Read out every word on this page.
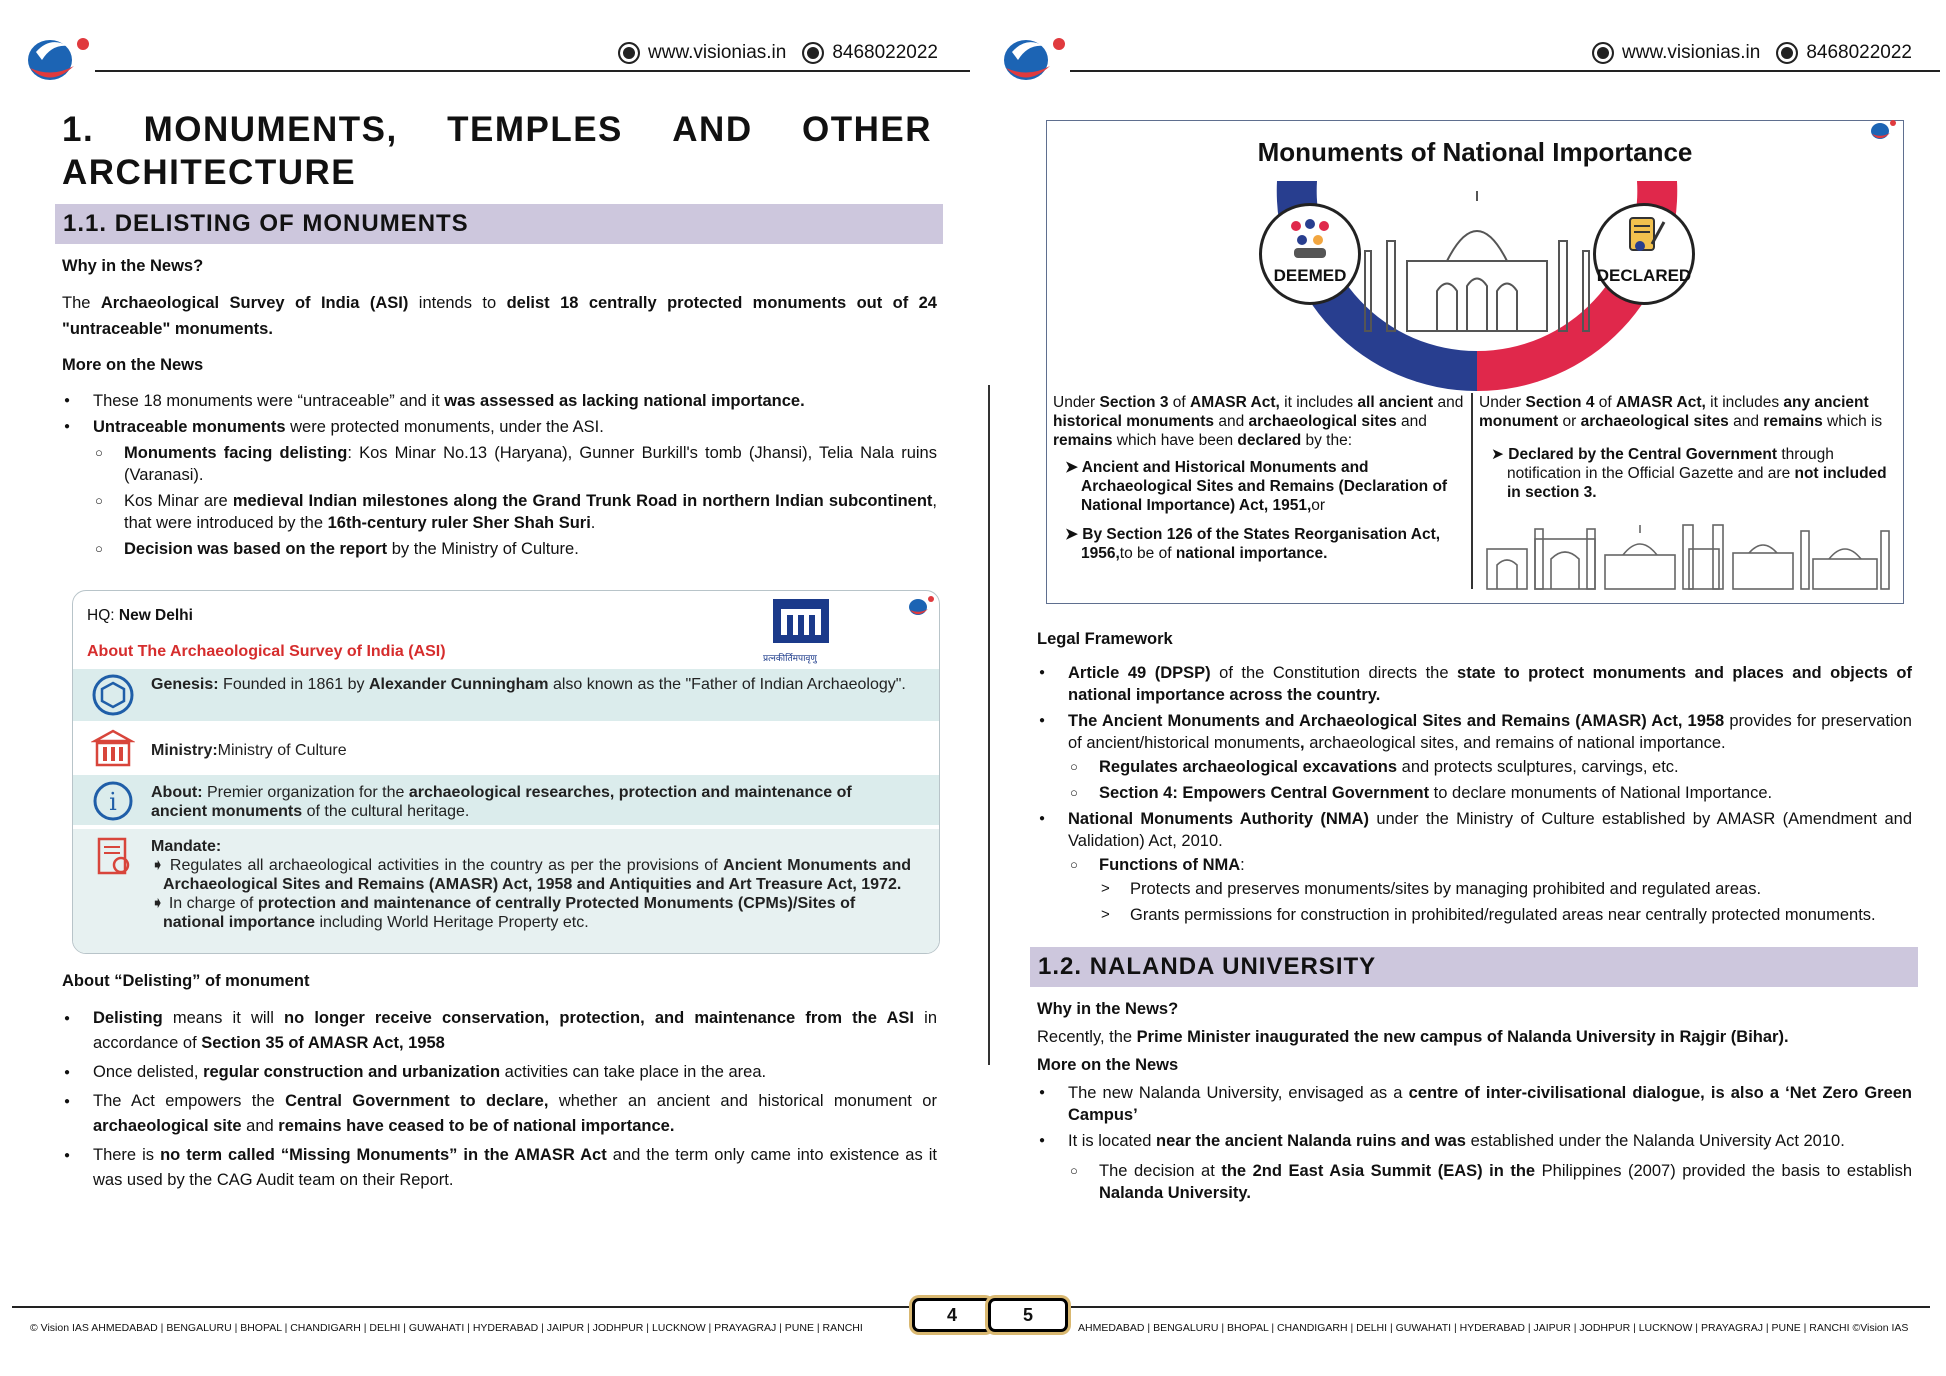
www.visionias.in 8468022022
1. MONUMENTS, TEMPLES AND OTHER
ARCHITECTURE
1.1. DELISTING OF MONUMENTS
Why in the News?
The Archaeological Survey of India (ASI) intends to delist 18 centrally protected monuments out of 24 "untraceable" monuments.
More on the News
● These 18 monuments were “untraceable” and it was assessed as lacking national importance.
● Untraceable monuments were protected monuments, under the ASI.
○ Monuments facing delisting: Kos Minar No.13 (Haryana), Gunner Burkill's tomb (Jhansi), Telia Nala ruins (Varanasi).
○ Kos Minar are medieval Indian milestones along the Grand Trunk Road in northern Indian subcontinent, that were introduced by the 16th-century ruler Sher Shah Suri.
○ Decision was based on the report by the Ministry of Culture.
HQ: New Delhi
प्रत्नकीर्तिमपावृणु
About The Archaeological Survey of India (ASI)
Genesis: Founded in 1861 by Alexander Cunningham also known as the "Father of Indian Archaeology".
Ministry:Ministry of Culture
i About: Premier organization for the archaeological researches, protection and maintenance of ancient monuments of the cultural heritage.
Mandate:
➧ Regulates all archaeological activities in the country as per the provisions of Ancient Monuments and Archaeological Sites and Remains (AMASR) Act, 1958 and Antiquities and Art Treasure Act, 1972.
➧ In charge of protection and maintenance of centrally Protected Monuments (CPMs)/Sites of national importance including World Heritage Property etc.
About “Delisting” of monument
● Delisting means it will no longer receive conservation, protection, and maintenance from the ASI in accordance of Section 35 of AMASR Act, 1958
● Once delisted, regular construction and urbanization activities can take place in the area.
● The Act empowers the Central Government to declare, whether an ancient and historical monument or archaeological site and remains have ceased to be of national importance.
● There is no term called “Missing Monuments” in the AMASR Act and the term only came into existence as it was used by the CAG Audit team on their Report.
www.visionias.in 8468022022
Monuments of National Importance
DEEMED	DECLARED
Under Section 3 of AMASR Act, it includes all ancient and historical monuments and archaeological sites and remains which have been declared by the:
➤ Ancient and Historical Monuments and Archaeological Sites and Remains (Declaration of National Importance) Act, 1951,or
➤ By Section 126 of the States Reorganisation Act, 1956,to be of national importance.
Under Section 4 of AMASR Act, it includes any ancient monument or archaeological sites and remains which is
➤ Declared by the Central Government through notification in the Official Gazette and are not included in section 3.
Legal Framework
● Article 49 (DPSP) of the Constitution directs the state to protect monuments and places and objects of national importance across the country.
● The Ancient Monuments and Archaeological Sites and Remains (AMASR) Act, 1958 provides for preservation of ancient/historical monuments, archaeological sites, and remains of national importance.
○ Regulates archaeological excavations and protects sculptures, carvings, etc.
○ Section 4: Empowers Central Government to declare monuments of National Importance.
● National Monuments Authority (NMA) under the Ministry of Culture established by AMASR (Amendment and Validation) Act, 2010.
○ Functions of NMA:
> Protects and preserves monuments/sites by managing prohibited and regulated areas.
> Grants permissions for construction in prohibited/regulated areas near centrally protected monuments.
1.2. NALANDA UNIVERSITY
Why in the News?
Recently, the Prime Minister inaugurated the new campus of Nalanda University in Rajgir (Bihar).
More on the News
● The new Nalanda University, envisaged as a centre of inter-civilisational dialogue, is also a ‘Net Zero Green Campus’
● It is located near the ancient Nalanda ruins and was established under the Nalanda University Act 2010.
○ The decision at the 2nd East Asia Summit (EAS) in the Philippines (2007) provided the basis to establish Nalanda University.
© Vision IAS AHMEDABAD | BENGALURU | BHOPAL | CHANDIGARH | DELHI | GUWAHATI | HYDERABAD | JAIPUR | JODHPUR | LUCKNOW | PRAYAGRAJ | PUNE | RANCHI	AHMEDABAD | BENGALURU | BHOPAL | CHANDIGARH | DELHI | GUWAHATI | HYDERABAD | JAIPUR | JODHPUR | LUCKNOW | PRAYAGRAJ | PUNE | RANCHI ©Vision IAS
4	5
